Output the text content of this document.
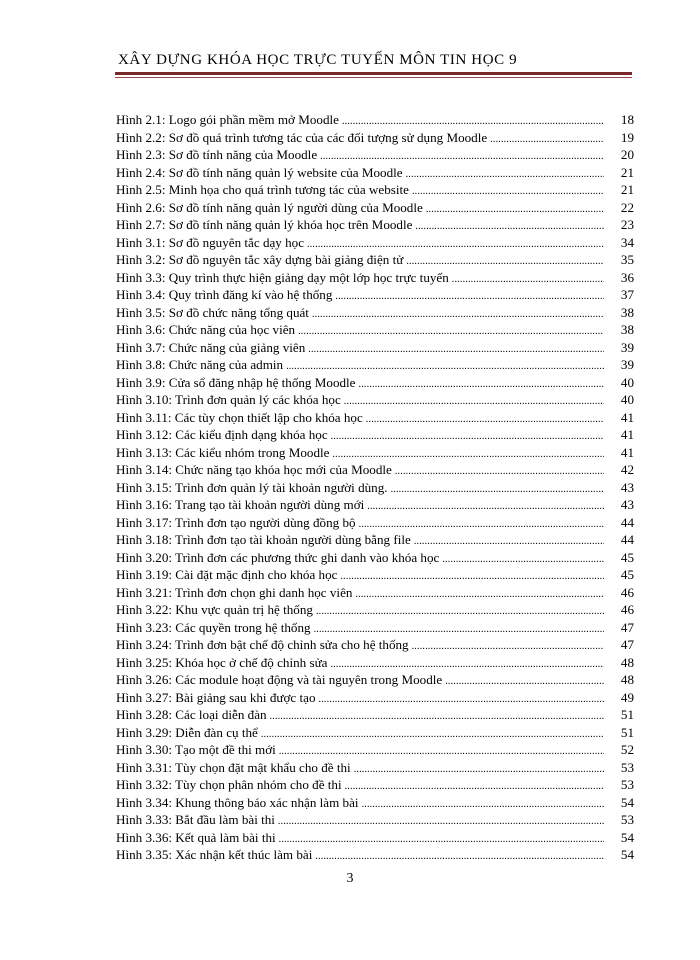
XÂY DỰNG KHÓA HỌC TRỰC TUYẾN MÔN TIN HỌC 9
Hình 2.1: Logo gói phần mềm mở Moodle .....	18
Hình 2.2: Sơ đồ quá trình tương tác của các đối tượng sử dụng Moodle .....	19
Hình 2.3: Sơ đồ tính năng của Moodle .....	20
Hình 2.4: Sơ đồ tính năng quản lý website của Moodle .....	21
Hình 2.5: Minh họa cho quá trình tương tác của website .....	21
Hình 2.6: Sơ đồ tính năng quản lý người dùng của Moodle .....	22
Hình 2.7: Sơ đồ tính năng quản lý khóa học trên Moodle .....	23
Hình 3.1: Sơ đồ nguyên tắc dạy học .....	34
Hình 3.2: Sơ đồ nguyên tắc xây dựng bài giảng điện tử .....	35
Hình 3.3: Quy trình thực hiện giảng dạy một lớp học trực tuyến .....	36
Hình 3.4: Quy trình đăng kí vào hệ thống .....	37
Hình 3.5: Sơ đồ chức năng tổng quát .....	38
Hình 3.6: Chức năng của học viên .....	38
Hình 3.7: Chức năng của giảng viên .....	39
Hình 3.8: Chức năng của admin .....	39
Hình 3.9: Cửa sổ đăng nhập hệ thống Moodle .....	40
Hình 3.10: Trình đơn quản lý các khóa học .....	40
Hình 3.11: Các tùy chọn thiết lập cho khóa học .....	41
Hình 3.12: Các kiểu định dạng khóa học .....	41
Hình 3.13: Các kiểu nhóm trong Moodle .....	41
Hình 3.14: Chức năng tạo khóa học mới của Moodle .....	42
Hình 3.15: Trình đơn quản lý tài khoản người dùng. .....	43
Hình 3.16: Trang tạo tài khoản người dùng mới .....	43
Hình 3.17: Trình đơn tạo người dùng đồng bộ .....	44
Hình 3.18: Trình đơn tạo tài khoản người dùng bằng file .....	44
Hình 3.20: Trình đơn các phương thức ghi danh vào khóa học .....	45
Hình 3.19: Cài đặt mặc định cho khóa học .....	45
Hình 3.21: Trình đơn chọn ghi danh học viên .....	46
Hình 3.22: Khu vực quản trị hệ thống .....	46
Hình 3.23: Các quyền trong hệ thống .....	47
Hình 3.24: Trình đơn bật chế độ chỉnh sửa cho hệ thống .....	47
Hình 3.25: Khóa học ở chế độ chỉnh sửa .....	48
Hình 3.26: Các module hoạt động và tài nguyên trong Moodle .....	48
Hình 3.27: Bài giảng sau khi được tạo .....	49
Hình 3.28: Các loại diễn đàn .....	51
Hình 3.29: Diễn đàn cụ thể .....	51
Hình 3.30: Tạo một đề thi mới .....	52
Hình 3.31: Tùy chọn đặt mật khẩu cho đề thi .....	53
Hình 3.32: Tùy chọn phân nhóm cho đề thi .....	53
Hình 3.34: Khung thông báo xác nhận làm bài .....	54
Hình 3.33: Bắt đầu làm bài thi .....	53
Hình 3.36: Kết quả làm bài thi .....	54
Hình 3.35: Xác nhận kết thúc làm bài .....	54
3
